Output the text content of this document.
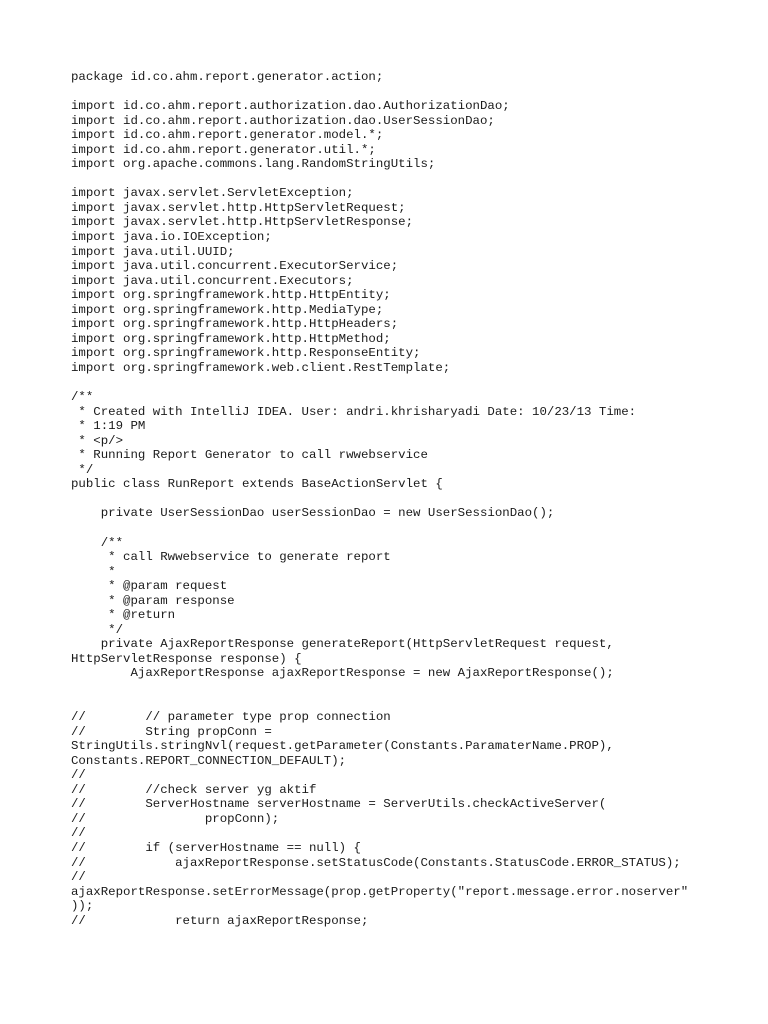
package id.co.ahm.report.generator.action;
import id.co.ahm.report.authorization.dao.AuthorizationDao;
import id.co.ahm.report.authorization.dao.UserSessionDao;
import id.co.ahm.report.generator.model.*;
import id.co.ahm.report.generator.util.*;
import org.apache.commons.lang.RandomStringUtils;
import javax.servlet.ServletException;
import javax.servlet.http.HttpServletRequest;
import javax.servlet.http.HttpServletResponse;
import java.io.IOException;
import java.util.UUID;
import java.util.concurrent.ExecutorService;
import java.util.concurrent.Executors;
import org.springframework.http.HttpEntity;
import org.springframework.http.MediaType;
import org.springframework.http.HttpHeaders;
import org.springframework.http.HttpMethod;
import org.springframework.http.ResponseEntity;
import org.springframework.web.client.RestTemplate;
/**
* Created with IntelliJ IDEA. User: andri.khrisharyadi Date: 10/23/13 Time:
* 1:19 PM
* <p/>
* Running Report Generator to call rwwebservice
*/
public class RunReport extends BaseActionServlet {
private UserSessionDao userSessionDao = new UserSessionDao();
/**
* call Rwwebservice to generate report
*
* @param request
* @param response
* @return
*/
private AjaxReportResponse generateReport(HttpServletRequest request,
HttpServletResponse response) {
AjaxReportResponse ajaxReportResponse = new AjaxReportResponse();
//        // parameter type prop connection
//        String propConn =
StringUtils.stringNvl(request.getParameter(Constants.ParamaterName.PROP),
Constants.REPORT_CONNECTION_DEFAULT);
//
//        //check server yg aktif
//        ServerHostname serverHostname = ServerUtils.checkActiveServer(
//                propConn);
//
//        if (serverHostname == null) {
//            ajaxReportResponse.setStatusCode(Constants.StatusCode.ERROR_STATUS);
//
ajaxReportResponse.setErrorMessage(prop.getProperty("report.message.error.noserver"
));
//            return ajaxReportResponse;
